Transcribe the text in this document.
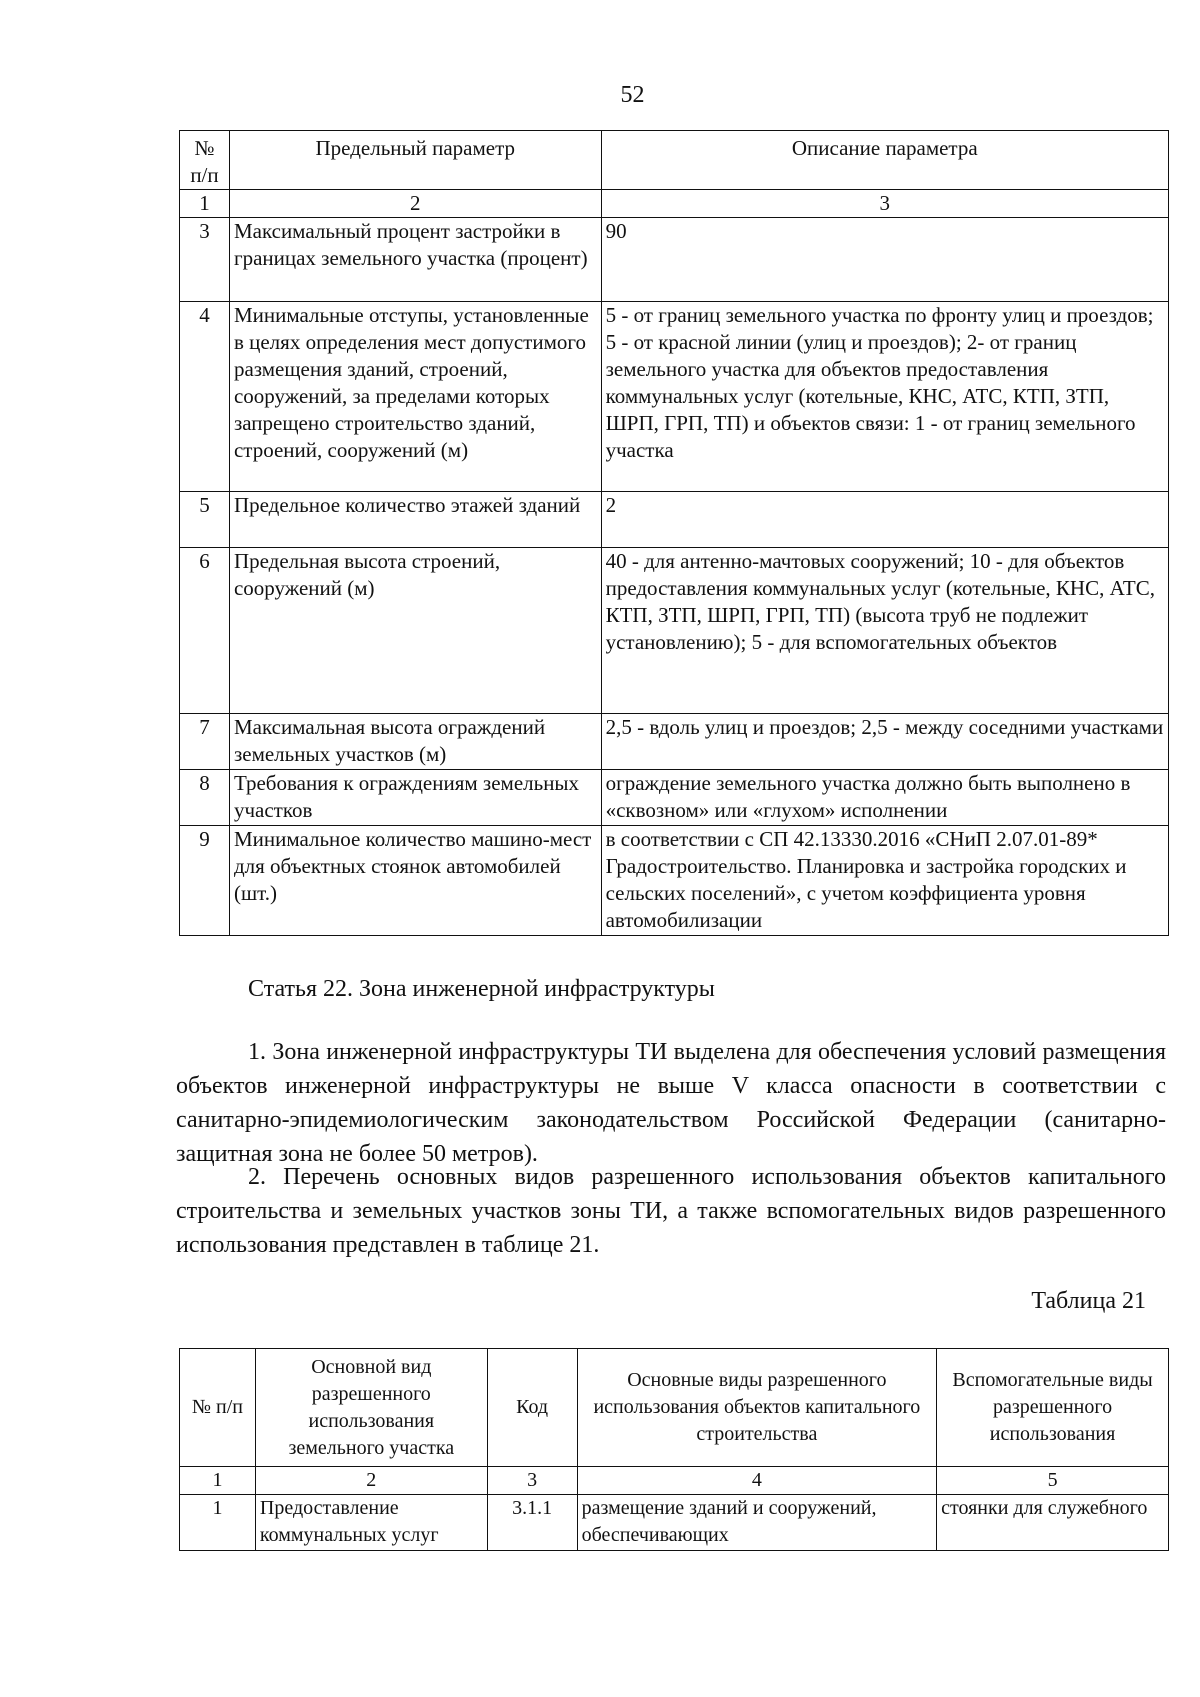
52
№ п/п	Предельный параметр	Описание параметра
1	2	3
3	Максимальный процент застройки в границах земельного участка (процент)	90
4	Минимальные отступы, установленные в целях определения мест допустимого размещения зданий, строений, сооружений, за пределами которых запрещено строительство зданий, строений, сооружений (м)	5 - от границ земельного участка по фронту улиц и проездов; 5 - от красной линии (улиц и проездов); 2- от границ земельного участка для объектов предоставления коммунальных услуг (котельные, КНС, АТС, КТП, ЗТП, ШРП, ГРП, ТП) и объектов связи: 1 - от границ земельного участка
5	Предельное количество этажей зданий	2
6	Предельная высота строений, сооружений (м)	40 - для антенно-мачтовых сооружений; 10 - для объектов предоставления коммунальных услуг (котельные, КНС, АТС, КТП, ЗТП, ШРП, ГРП, ТП) (высота труб не подлежит установлению); 5 - для вспомогательных объектов
7	Максимальная высота ограждений земельных участков (м)	2,5 - вдоль улиц и проездов; 2,5 - между соседними участками
8	Требования к ограждениям земельных участков	ограждение земельного участка должно быть выполнено в «сквозном» или «глухом» исполнении
9	Минимальное количество машино-мест для объектных стоянок автомобилей (шт.)	в соответствии с СП 42.13330.2016 «СНиП 2.07.01-89* Градостроительство. Планировка и застройка городских и сельских поселений», с учетом коэффициента уровня автомобилизации
Статья 22. Зона инженерной инфраструктуры
1. Зона инженерной инфраструктуры ТИ выделена для обеспечения условий размещения объектов инженерной инфраструктуры не выше V класса опасности в соответствии с санитарно-эпидемиологическим законодательством Российской Федерации (санитарно-защитная зона не более 50 метров).
2. Перечень основных видов разрешенного использования объектов капитального строительства и земельных участков зоны ТИ, а также вспомогательных видов разрешенного использования представлен в таблице 21.
Таблица 21
№ п/п	Основной вид разрешенного использования земельного участка	Код	Основные виды разрешенного использования объектов капитального строительства	Вспомогательные виды разрешенного использования
1	2	3	4	5
1	Предоставление коммунальных услуг	3.1.1	размещение зданий и сооружений, обеспечивающих	стоянки для служебного
